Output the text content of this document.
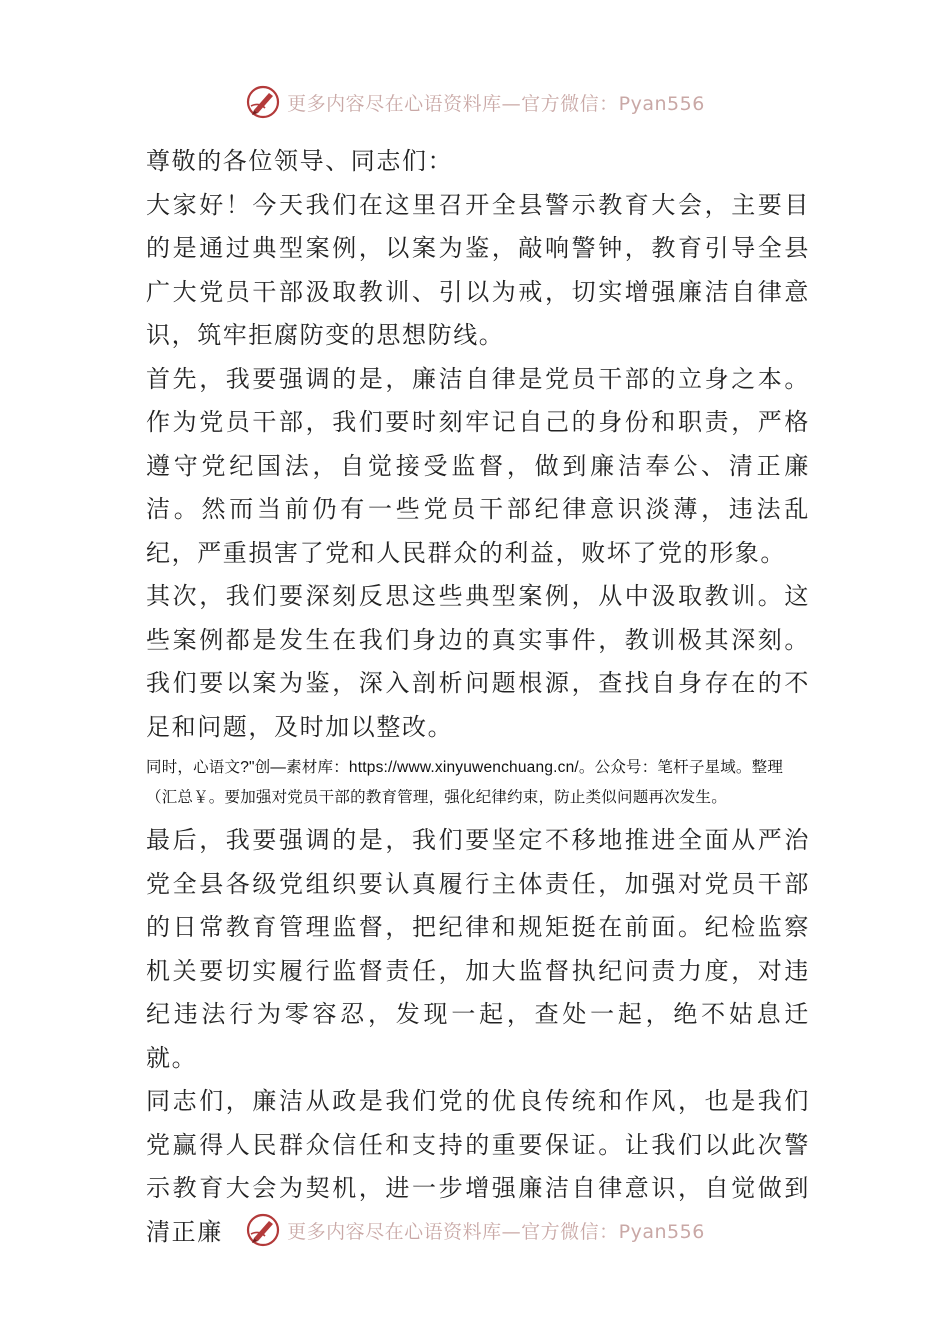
更多内容尽在心语资料库—官方微信：Pyan556

尊敬的各位领导、同志们：

大家好！今天我们在这里召开全县警示教育大会，主要目的是通过典型案例，以案为鉴，敲响警钟，教育引导全县广大党员干部汲取教训、引以为戒，切实增强廉洁自律意识，筑牢拒腐防变的思想防线。

首先，我要强调的是，廉洁自律是党员干部的立身之本。作为党员干部，我们要时刻牢记自己的身份和职责，严格遵守党纪国法，自觉接受监督，做到廉洁奉公、清正廉洁。然而当前仍有一些党员干部纪律意识淡薄，违法乱纪，严重损害了党和人民群众的利益，败坏了党的形象。

其次，我们要深刻反思这些典型案例，从中汲取教训。这些案例都是发生在我们身边的真实事件，教训极其深刻。我们要以案为鉴，深入剖析问题根源，查找自身存在的不足和问题，及时加以整改。

同时，心语文?"创—素材库：https://www.xinyuwenchuang.cn/。公众号：笔杆子星域。整理（汇总￥。要加强对党员干部的教育管理，强化纪律约束，防止类似问题再次发生。

最后，我要强调的是，我们要坚定不移地推进全面从严治党全县各级党组织要认真履行主体责任，加强对党员干部的日常教育管理监督，把纪律和规矩挺在前面。纪检监察机关要切实履行监督责任，加大监督执纪问责力度，对违纪违法行为零容忍，发现一起，查处一起，绝不姑息迁就。

同志们，廉洁从政是我们党的优良传统和作风，也是我们党赢得人民群众信任和支持的重要保证。让我们以此次警示教育大会为契机，进一步增强廉洁自律意识，自觉做到清正廉	更多内容尽在心语资料库—官方微信：Pyan556
